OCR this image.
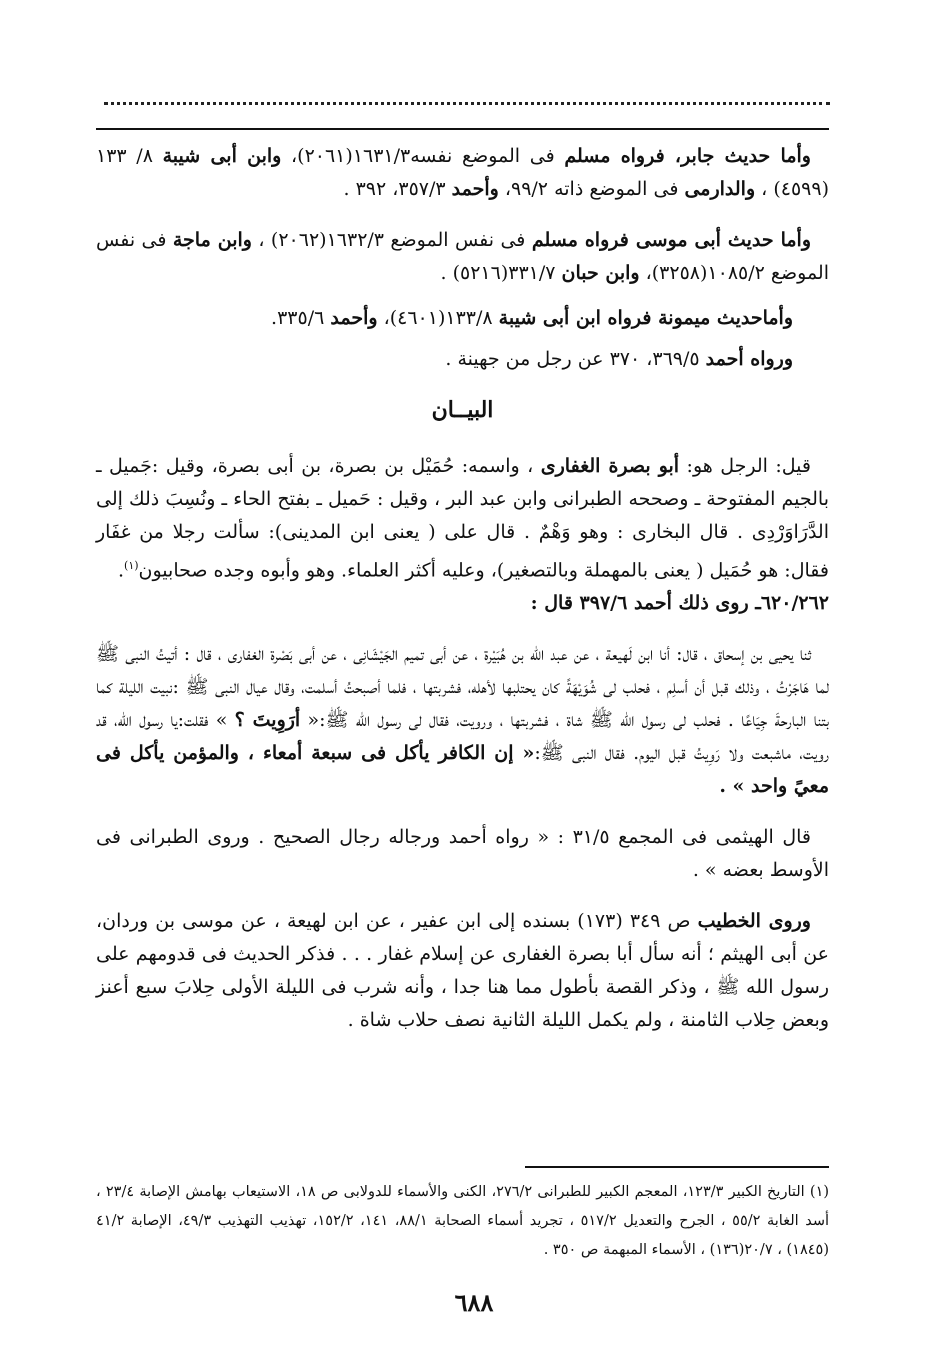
وأما حديث جابر، فرواه مسلم فى الموضع نفسه١٦٣١/٣(٢٠٦١)، وابن أبى شيبة ٨/ ١٣٣ (٤٥٩٩) ، والدارمى فى الموضع ذاته ٩٩/٢، وأحمد ٣٥٧/٣، ٣٩٢ .

وأما حديث أبى موسى فرواه مسلم فى نفس الموضع ١٦٣٢/٣(٢٠٦٢) ، وابن ماجة فى نفس الموضع ١٠٨٥/٢(٣٢٥٨)، وابن حبان ٣٣١/٧(٥٢١٦) .

وأماحديث ميمونة فرواه ابن أبى شيبة ١٣٣/٨(٤٦٠١)، وأحمد ٣٣٥/٦.

ورواه أحمد ٣٦٩/٥، ٣٧٠ عن رجل من جهينة .

البيــان

قيل: الرجل هو: أبو بصرة الغفارى ، واسمه: حُمَيْل بن بصرة، بن أبى بصرة، وقيل :جَميل ـ بالجيم المفتوحة ـ وصححه الطبرانى وابن عبد البر ، وقيل : حَميل ـ بفتح الحاء ـ ونُسِبَ ذلك إلى الدَّرَاوَرْدِى . قال البخارى : وهو وَهْمٌ . قال على ( يعنى ابن المدينى): سألت رجلا من غفَار فقال: هو حُمَيل ( يعنى بالمهملة وبالتصغير)، وعليه أكثر العلماء. وهو وأبوه وجده صحابيون$^{(١)}$.

٦٢٠/٢٦٢ـ روى ذلك أحمد ٣٩٧/٦ قال :

ثنا يحيى بن إسحاق ، قال: أنا ابن لَهيعة ، عن عبد الله بن هُبَيْرة ، عن أبى تميم الجَيْشَانِى ، عن أبى بَصْرة الغفارى ، قال : أتيتُ النبى ﷺ لما هَاجَرْتُ ، وذلك قبل أن أسلِم ، فحلب لى شُوَيْهَةً كان يحتلبها لأهله، فشربتها ، فلما أصبحتُ أسلمت، وقال عيال النبى ﷺ :نبيت الليلة كما بتنا البارحةَ جِيَاعًا . فحلب لى رسول الله ﷺ شاة ، فشربتها ، ورويت، فقال لى رسول الله ﷺ:« أرَوِيتَ ؟ » فقلت:يا رسول الله، قد رويت، ماشبعت ولا رَوِيتُ قبل اليوم. فقال النبى ﷺ:« إن الكافر يأكل فى سبعة أمعاء ، والمؤمن يأكل فى معيً واحد » .

قال الهيثمى فى المجمع ٣١/٥ : « رواه أحمد ورجاله رجال الصحيح . وروى الطبرانى فى الأوسط بعضه » .

وروى الخطيب ص ٣٤٩ (١٧٣) بسنده إلى ابن عفير ، عن ابن لهيعة ، عن موسى بن وردان، عن أبى الهيثم ؛ أنه سأل أبا بصرة الغفارى عن إسلام غفار . . . فذكر الحديث فى قدومهم على رسول الله ﷺ ، وذكر القصة بأطول مما هنا جدا ، وأنه شرب فى الليلة الأولى حِلابَ سبع أعنز وبعض حِلاب الثامنة ، ولم يكمل الليلة الثانية نصف حلاب شاة .

(١) التاريخ الكبير ١٢٣/٣، المعجم الكبير للطبرانى ٢٧٦/٢، الكنى والأسماء للدولابى ص ١٨، الاستيعاب بهامش الإصابة ٢٣/٤ ، أسد الغابة ٥٥/٢ ، الجرح والتعديل ٥١٧/٢ ، تجريد أسماء الصحابة ٨٨/١، ١٤١، ١٥٢/٢، تهذيب التهذيب ٤٩/٣، الإصابة ٤١/٢ (١٨٤٥) ، ٢٠/٧(١٣٦) ، الأسماء المبهمة ص ٣٥٠ .

٦٨٨
